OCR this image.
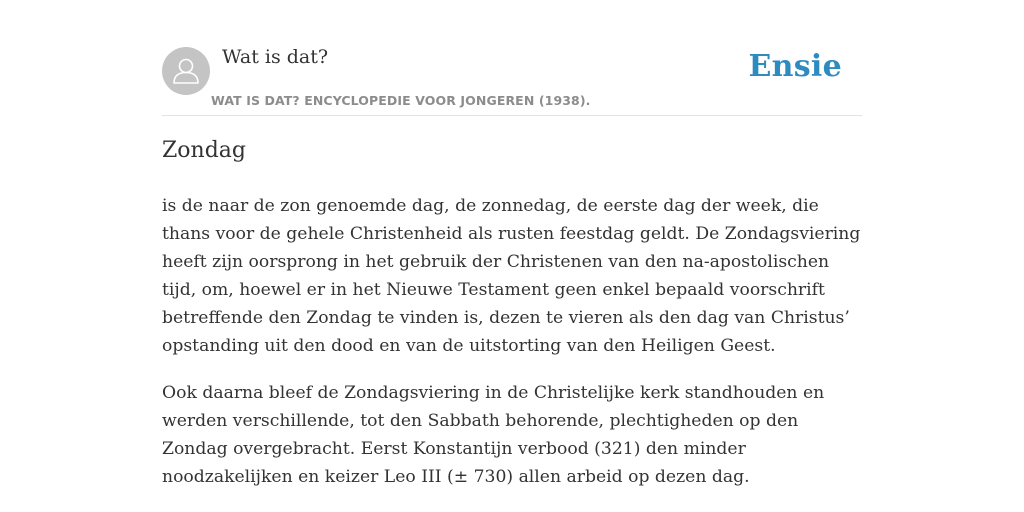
Wat is dat?
WAT IS DAT? ENCYCLOPEDIE VOOR JONGEREN (1938).
Ensie
Zondag

is de naar de zon genoemde dag, de zonnedag, de eerste dag der week, die thans voor de gehele Christenheid als rusten feestdag geldt. De Zondagsviering heeft zijn oorsprong in het gebruik der Christenen van den na-apostolischen tijd, om, hoewel er in het Nieuwe Testament geen enkel bepaald voorschrift betreffende den Zondag te vinden is, dezen te vieren als den dag van Christus’ opstanding uit den dood en van de uitstorting van den Heiligen Geest.

Ook daarna bleef de Zondagsviering in de Christelijke kerk standhouden en werden verschillende, tot den Sabbath behorende, plechtigheden op den Zondag overgebracht. Eerst Konstantijn verbood (321) den minder noodzakelijken en keizer Leo III (± 730) allen arbeid op dezen dag.
